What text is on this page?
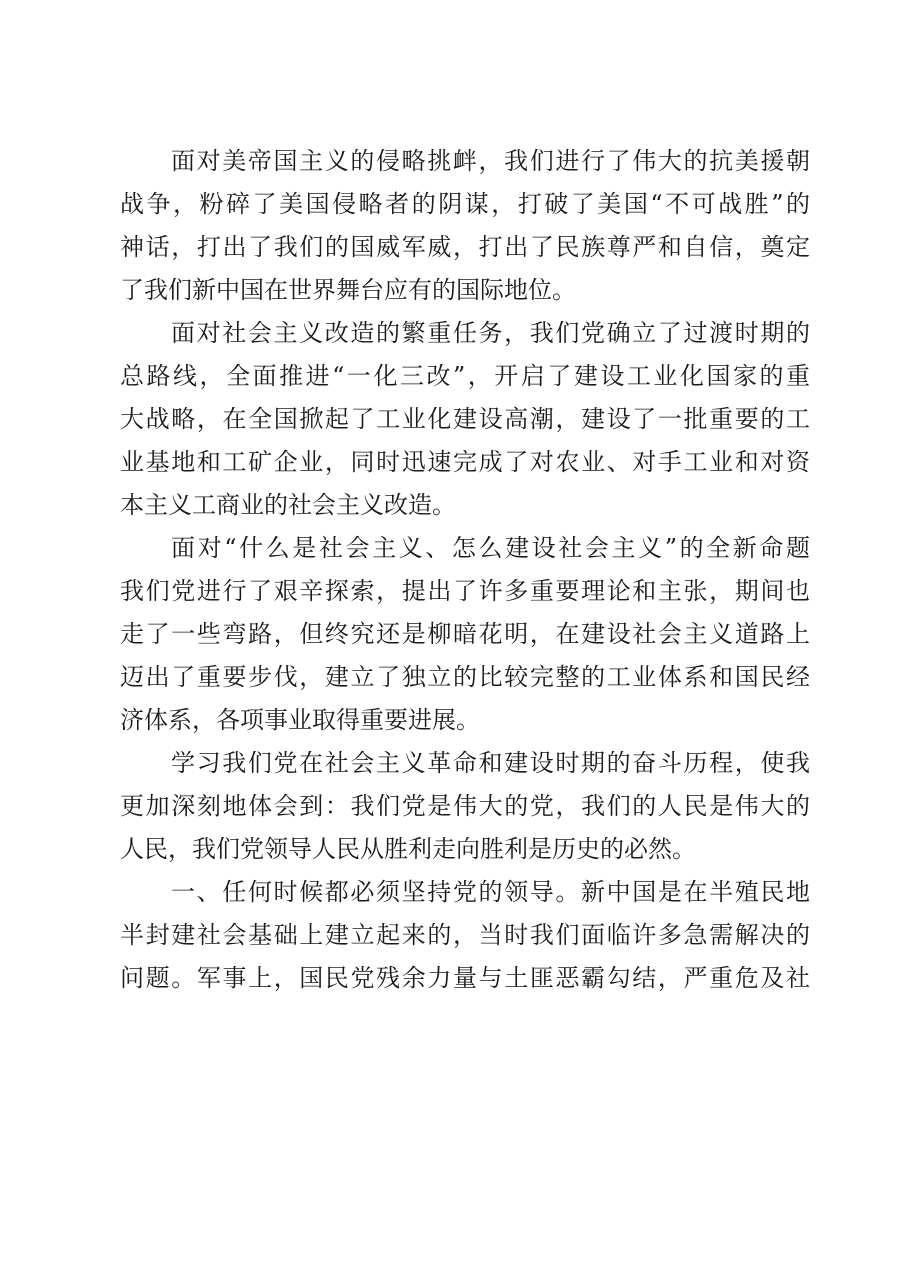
面对美帝国主义的侵略挑衅，我们进行了伟大的抗美援朝
战争，粉碎了美国侵略者的阴谋，打破了美国“不可战胜”的
神话，打出了我们的国威军威，打出了民族尊严和自信，奠定
了我们新中国在世界舞台应有的国际地位。
面对社会主义改造的繁重任务，我们党确立了过渡时期的
总路线，全面推进“一化三改”，开启了建设工业化国家的重
大战略，在全国掀起了工业化建设高潮，建设了一批重要的工
业基地和工矿企业，同时迅速完成了对农业、对手工业和对资
本主义工商业的社会主义改造。
面对“什么是社会主义、怎么建设社会主义”的全新命题
我们党进行了艰辛探索，提出了许多重要理论和主张，期间也
走了一些弯路，但终究还是柳暗花明，在建设社会主义道路上
迈出了重要步伐，建立了独立的比较完整的工业体系和国民经
济体系，各项事业取得重要进展。
学习我们党在社会主义革命和建设时期的奋斗历程，使我
更加深刻地体会到：我们党是伟大的党，我们的人民是伟大的
人民，我们党领导人民从胜利走向胜利是历史的必然。
一、任何时候都必须坚持党的领导。新中国是在半殖民地
半封建社会基础上建立起来的，当时我们面临许多急需解决的
问题。军事上，国民党残余力量与土匪恶霸勾结，严重危及社
